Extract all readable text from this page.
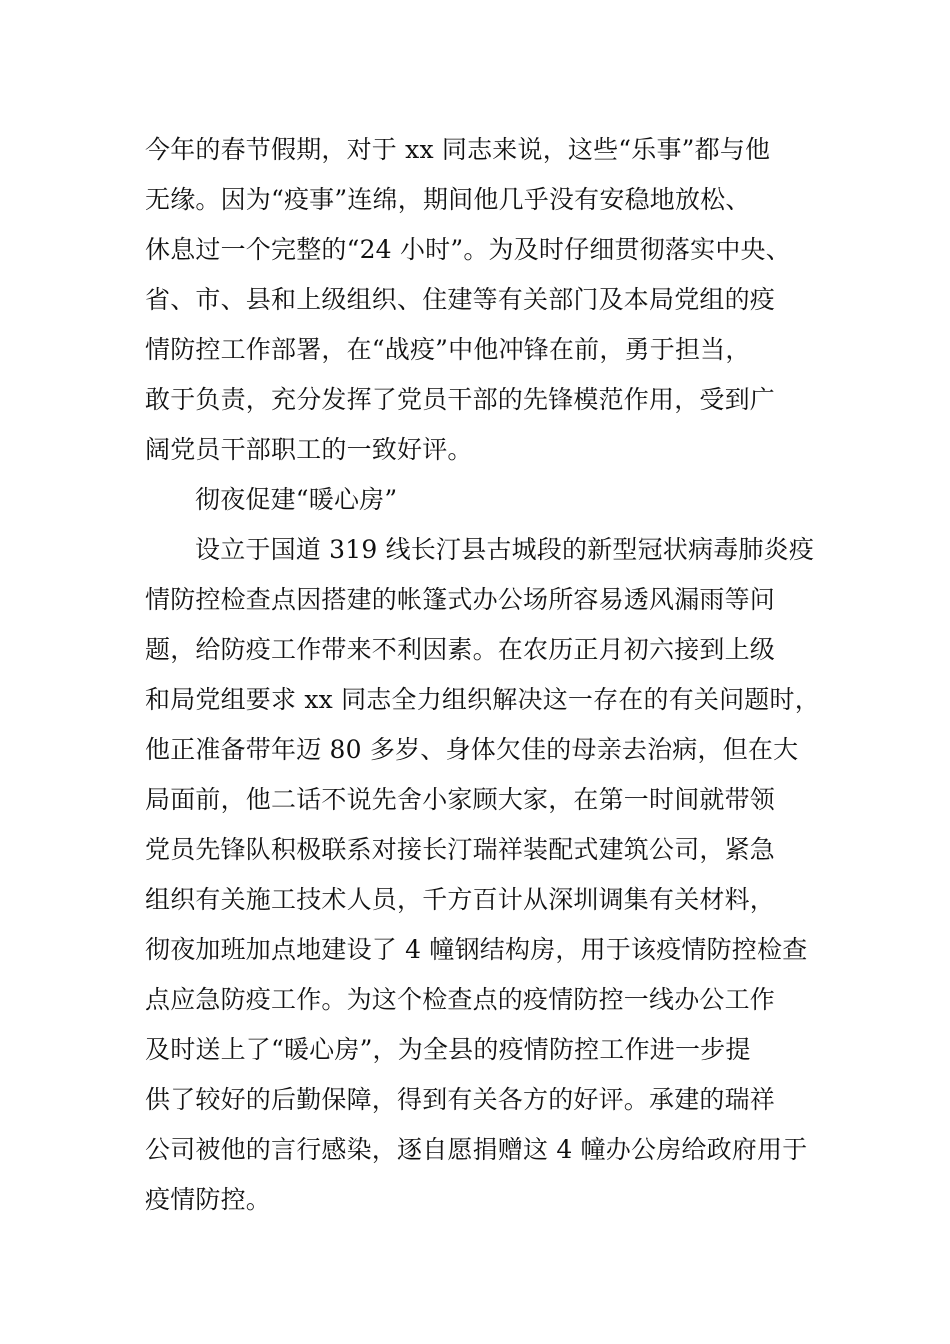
今年的春节假期，对于 xx 同志来说，这些“乐事”都与他

无缘。因为“疫事”连绵，期间他几乎没有安稳地放松、

休息过一个完整的“24 小时”。为及时仔细贯彻落实中央、

省、市、县和上级组织、住建等有关部门及本局党组的疫

情防控工作部署，在“战疫”中他冲锋在前，勇于担当，

敢于负责，充分发挥了党员干部的先锋模范作用，受到广

阔党员干部职工的一致好评。

彻夜促建“暖心房”

设立于国道 319 线长汀县古城段的新型冠状病毒肺炎疫

情防控检查点因搭建的帐篷式办公场所容易透风漏雨等问

题，给防疫工作带来不利因素。在农历正月初六接到上级

和局党组要求 xx 同志全力组织解决这一存在的有关问题时，

他正准备带年迈 80 多岁、身体欠佳的母亲去治病，但在大

局面前，他二话不说先舍小家顾大家，在第一时间就带领

党员先锋队积极联系对接长汀瑞祥装配式建筑公司，紧急

组织有关施工技术人员，千方百计从深圳调集有关材料，

彻夜加班加点地建设了 4 幢钢结构房，用于该疫情防控检查

点应急防疫工作。为这个检查点的疫情防控一线办公工作

及时送上了“暖心房”，为全县的疫情防控工作进一步提

供了较好的后勤保障，得到有关各方的好评。承建的瑞祥

公司被他的言行感染，逐自愿捐赠这 4 幢办公房给政府用于

疫情防控。
